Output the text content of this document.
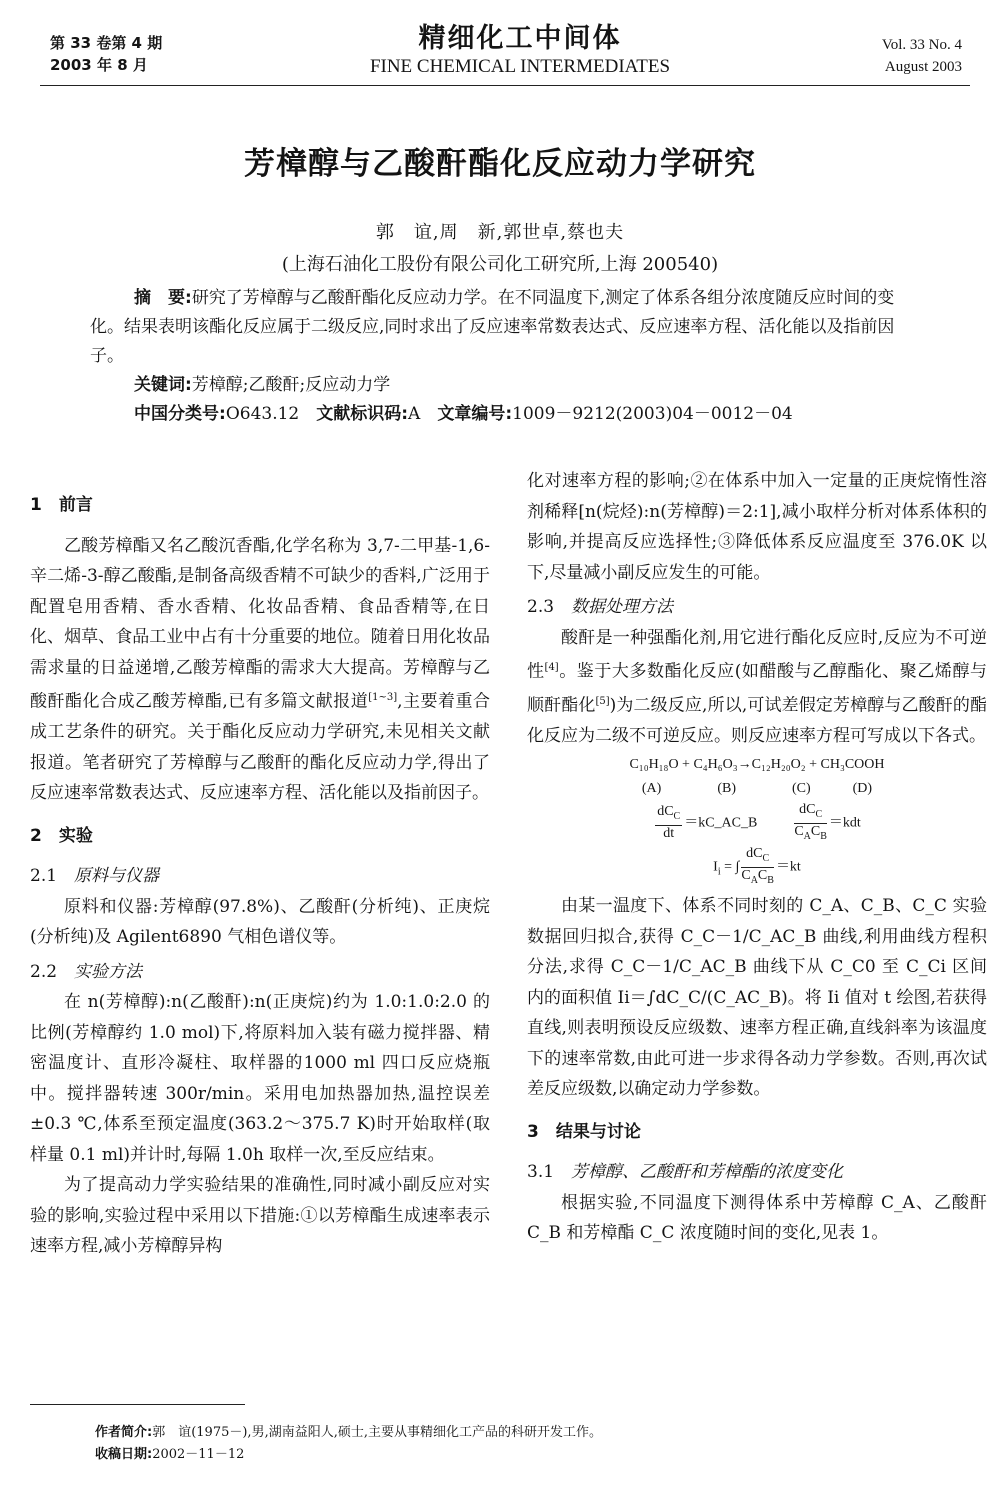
第 33 卷第 4 期
2003 年 8 月
精细化工中间体
FINE CHEMICAL INTERMEDIATES
Vol. 33 No. 4
August 2003
芳樟醇与乙酸酐酯化反应动力学研究
郭　谊,周　新,郭世卓,蔡也夫
(上海石油化工股份有限公司化工研究所,上海 200540)
摘　要:研究了芳樟醇与乙酸酐酯化反应动力学。在不同温度下,测定了体系各组分浓度随反应时间的变化。结果表明该酯化反应属于二级反应,同时求出了反应速率常数表达式、反应速率方程、活化能以及指前因子。
关键词:芳樟醇;乙酸酐;反应动力学
中国分类号:O643.12　 文献标识码:A　 文章编号:1009－9212(2003)04－0012－04
1　前言

乙酸芳樟酯又名乙酸沉香酯,化学名称为 3,7-二甲基-1,6-辛二烯-3-醇乙酸酯,是制备高级香精不可缺少的香料,广泛用于配置皂用香精、香水香精、化妆品香精、食品香精等,在日化、烟草、食品工业中占有十分重要的地位。随着日用化妆品需求量的日益递增,乙酸芳樟酯的需求大大提高。芳樟醇与乙酸酐酯化合成乙酸芳樟酯,已有多篇文献报道[1~3],主要着重合成工艺条件的研究。关于酯化反应动力学研究,未见相关文献报道。笔者研究了芳樟醇与乙酸酐的酯化反应动力学,得出了反应速率常数表达式、反应速率方程、活化能以及指前因子。

2　实验
2.1　 原料与仪器

原料和仪器:芳樟醇(97.8%)、乙酸酐(分析纯)、正庚烷(分析纯)及 Agilent6890 气相色谱仪等。

2.2　 实验方法

在 n(芳樟醇):n(乙酸酐):n(正庚烷)约为 1.0:1.0:2.0 的比例(芳樟醇约 1.0 mol)下,将原料加入装有磁力搅拌器、精密温度计、直形冷凝柱、取样器的1000 ml 四口反应烧瓶中。搅拌器转速 300r/min。采用电加热器加热,温控误差 ±0.3 ℃,体系至预定温度(363.2～375.7 K)时开始取样(取样量 0.1 ml)并计时,每隔 1.0h 取样一次,至反应结束。

为了提高动力学实验结果的准确性,同时减小副反应对实验的影响,实验过程中采用以下措施:①以芳樟酯生成速率表示速率方程,减小芳樟醇异构

化对速率方程的影响;②在体系中加入一定量的正庚烷惰性溶剂稀释[n(烷烃):n(芳樟醇)＝2:1],减小取样分析对体系体积的影响,并提高反应选择性;③降低体系反应温度至 376.0K 以下,尽量减小副反应发生的可能。

2.3　 数据处理方法

酸酐是一种强酯化剂,用它进行酯化反应时,反应为不可逆性[4]。鉴于大多数酯化反应(如醋酸与乙醇酯化、聚乙烯醇与顺酐酯化[5])为二级反应,所以,可试差假定芳樟醇与乙酸酐的酯化反应为二级不可逆反应。则反应速率方程可写成以下各式。

C₁₀H₁₈O + C₄H₆O₃→C₁₂H₂₀O₂ + CH₃COOH
(A)　　　　(B)　　　　(C)　　　(D)
$\frac{dC_C}{dt}$ ＝kC_AC_B 　　	$\frac{dC_C}{C_AC_B} =kdt$
$I_i$ = ∫ $\frac{dC_C}{C_AC_B} =kt$

由某一温度下、体系不同时刻的 C_A、C_B、C_C 实验数据回归拟合,获得 C_C－1/C_AC_B 曲线,利用曲线方程积分法,求得 C_C－1/C_AC_B 曲线下从 C_C0 至 C_Ci 区间内的面积值 Ii＝∫dC_C/(C_AC_B)。将 Ii 值对 t 绘图,若获得直线,则表明预设反应级数、速率方程正确,直线斜率为该温度下的速率常数,由此可进一步求得各动力学参数。否则,再次试差反应级数,以确定动力学参数。

3　结果与讨论
3.1　 芳樟醇、乙酸酐和芳樟酯的浓度变化

根据实验,不同温度下测得体系中芳樟醇 C_A、乙酸酐 C_B 和芳樟酯 C_C 浓度随时间的变化,见表 1。

作者简介:郭　谊(1975－),男,湖南益阳人,硕士,主要从事精细化工产品的科研开发工作。
收稿日期:2002－11－12
